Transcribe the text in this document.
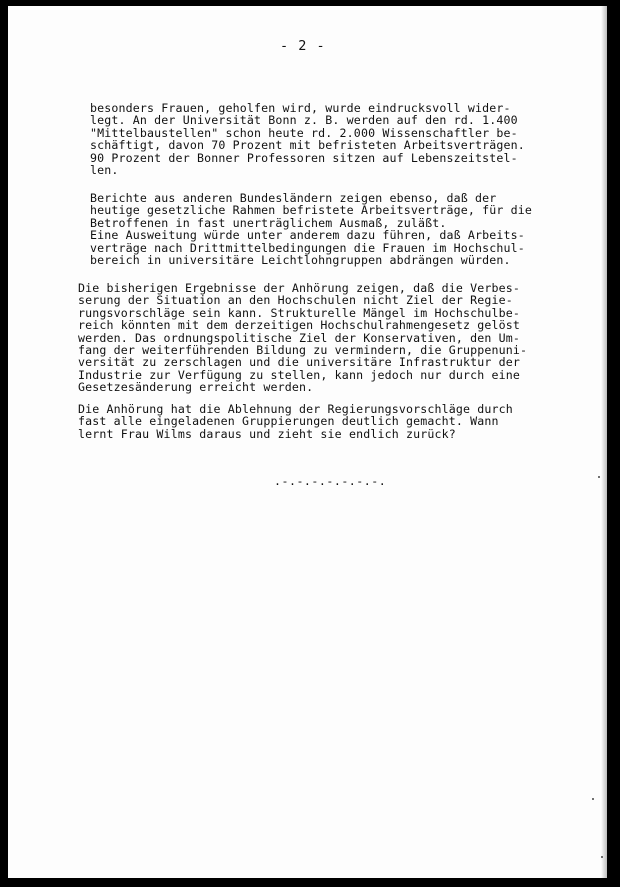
- 2 -

besonders Frauen, geholfen wird, wurde eindrucksvoll wider-
legt. An der Universität Bonn z. B. werden auf den rd. 1.400
"Mittelbaustellen" schon heute rd. 2.000 Wissenschaftler be-
schäftigt, davon 70 Prozent mit befristeten Arbeitsverträgen.
90 Prozent der Bonner Professoren sitzen auf Lebenszeitstel-
len.

Berichte aus anderen Bundesländern zeigen ebenso, daß der
heutige gesetzliche Rahmen befristete Arbeitsverträge, für die
Betroffenen in fast unerträglichem Ausmaß, zuläßt.
Eine Ausweitung würde unter anderem dazu führen, daß Arbeits-
verträge nach Drittmittelbedingungen die Frauen im Hochschul-
bereich in universitäre Leichtlohngruppen abdrängen würden.

Die bisherigen Ergebnisse der Anhörung zeigen, daß die Verbes-
serung der Situation an den Hochschulen nicht Ziel der Regie-
rungsvorschläge sein kann. Strukturelle Mängel im Hochschulbe-
reich könnten mit dem derzeitigen Hochschulrahmengesetz gelöst
werden. Das ordnungspolitische Ziel der Konservativen, den Um-
fang der weiterführenden Bildung zu vermindern, die Gruppenuni-
versität zu zerschlagen und die universitäre Infrastruktur der
Industrie zur Verfügung zu stellen, kann jedoch nur durch eine
Gesetzesänderung erreicht werden.

Die Anhörung hat die Ablehnung der Regierungsvorschläge durch
fast alle eingeladenen Gruppierungen deutlich gemacht. Wann
lernt Frau Wilms daraus und zieht sie endlich zurück?

.-.-.-.-.-.-.-.
